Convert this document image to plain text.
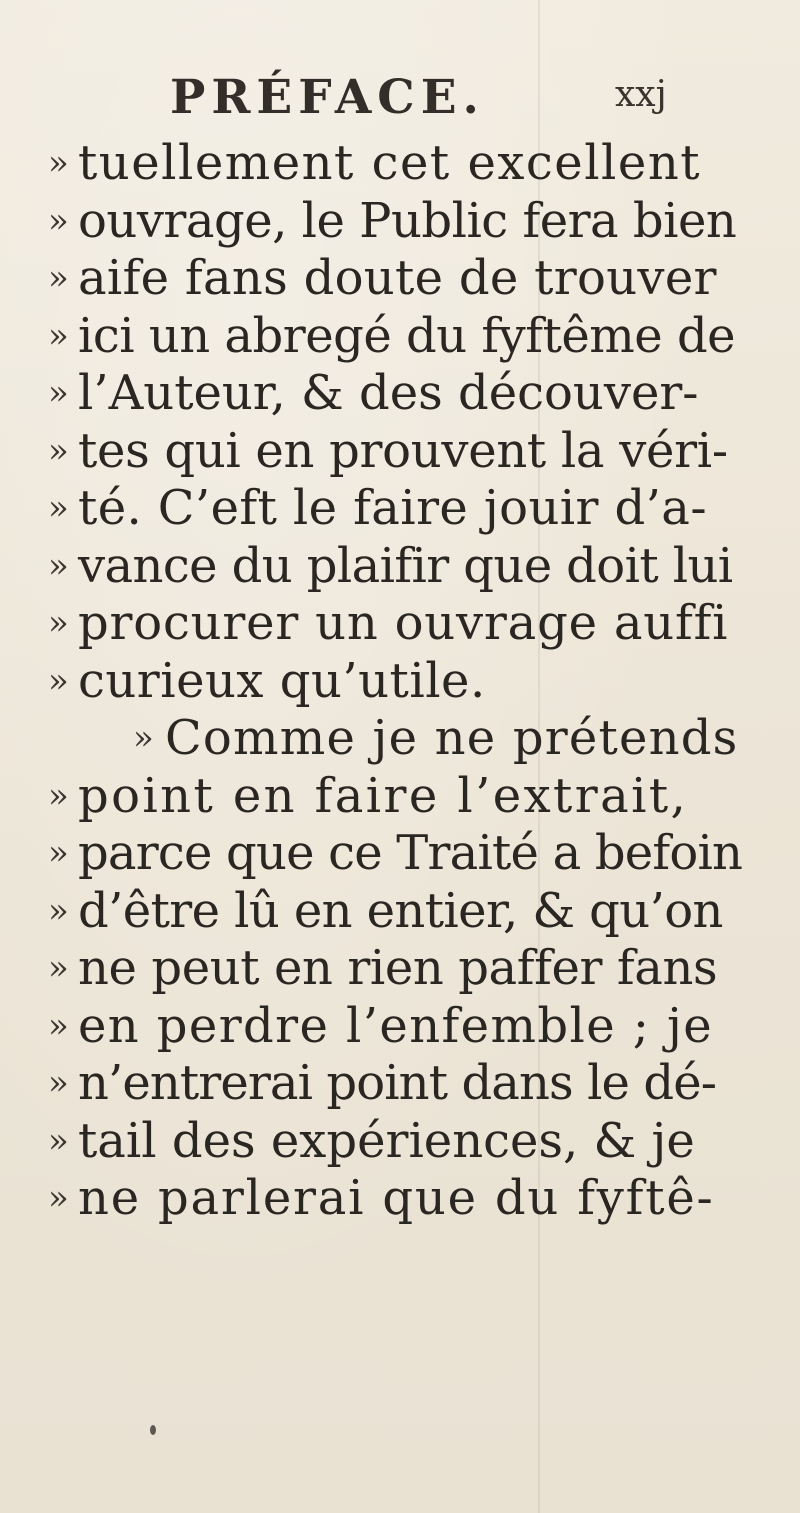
PRÉFACE.	xxj
» tuellement cet excellent
» ouvrage, le Public fera bien
» aife fans doute de trouver
» ici un abregé du fyftême de
» l’Auteur, & des découver-
» tes qui en prouvent la véri-
» té. C’eft le faire jouir d’a-
» vance du plaifir que doit lui
» procurer un ouvrage auffi
» curieux qu’utile.
» Comme je ne prétends
» point en faire l’extrait,
» parce que ce Traité a befoin
» d’être lû en entier, & qu’on
» ne peut en rien paffer fans
» en perdre l’enfemble ; je
» n’entrerai point dans le dé-
» tail des expériences, & je
» ne parlerai que du fyftê-
